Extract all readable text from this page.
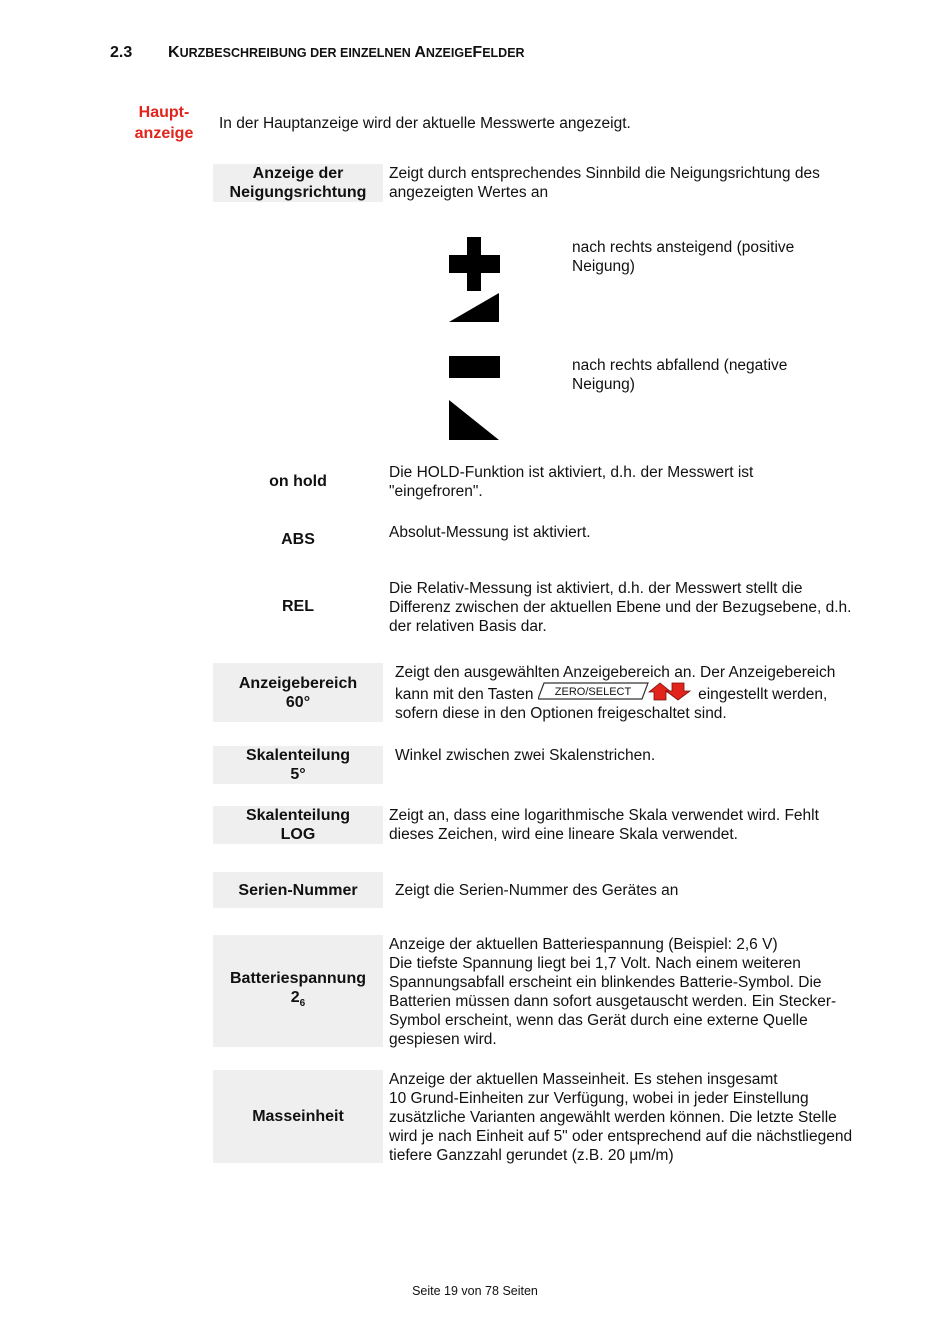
2.3 KURZBESCHREIBUNG DER EINZELNEN ANZEIGEFELDER
Haupt-
anzeige
In der Hauptanzeige wird der aktuelle Messwerte angezeigt.
Anzeige der
Neigungsrichtung
Zeigt durch entsprechendes Sinnbild die Neigungsrichtung des angezeigten Wertes an
nach rechts ansteigend (positive Neigung)
nach rechts abfallend (negative Neigung)
on hold
Die HOLD-Funktion ist aktiviert, d.h. der Messwert ist "eingefroren".
ABS	Absolut-Messung ist aktiviert.
REL
Die Relativ-Messung ist aktiviert, d.h. der Messwert stellt die Differenz zwischen der aktuellen Ebene und der Bezugsebene, d.h. der relativen Basis dar.
Anzeigebereich
60°
Zeigt den ausgewählten Anzeigebereich an. Der Anzeigebereich kann mit den Tasten ZERO/SELECT	eingestellt werden, sofern diese in den Optionen freigeschaltet sind.
Skalenteilung
5°
Winkel zwischen zwei Skalenstrichen.
Skalenteilung
LOG
Zeigt an, dass eine logarithmische Skala verwendet wird. Fehlt dieses Zeichen, wird eine lineare Skala verwendet.
Serien-Nummer Zeigt die Serien-Nummer des Gerätes an
Batteriespannung
$2_6$
Anzeige der aktuellen Batteriespannung (Beispiel: 2,6 V)
Die tiefste Spannung liegt bei 1,7 Volt. Nach einem weiteren Spannungsabfall erscheint ein blinkendes Batterie-Symbol. Die Batterien müssen dann sofort ausgetauscht werden. Ein Stecker-Symbol erscheint, wenn das Gerät durch eine externe Quelle gespiesen wird.
Masseinheit
Anzeige der aktuellen Masseinheit. Es stehen insgesamt
10 Grund-Einheiten zur Verfügung, wobei in jeder Einstellung zusätzliche Varianten angewählt werden können. Die letzte Stelle wird je nach Einheit auf 5" oder entsprechend auf die nächstliegend tiefere Ganzzahl gerundet (z.B. 20 μm/m)
Seite 19 von 78 Seiten
